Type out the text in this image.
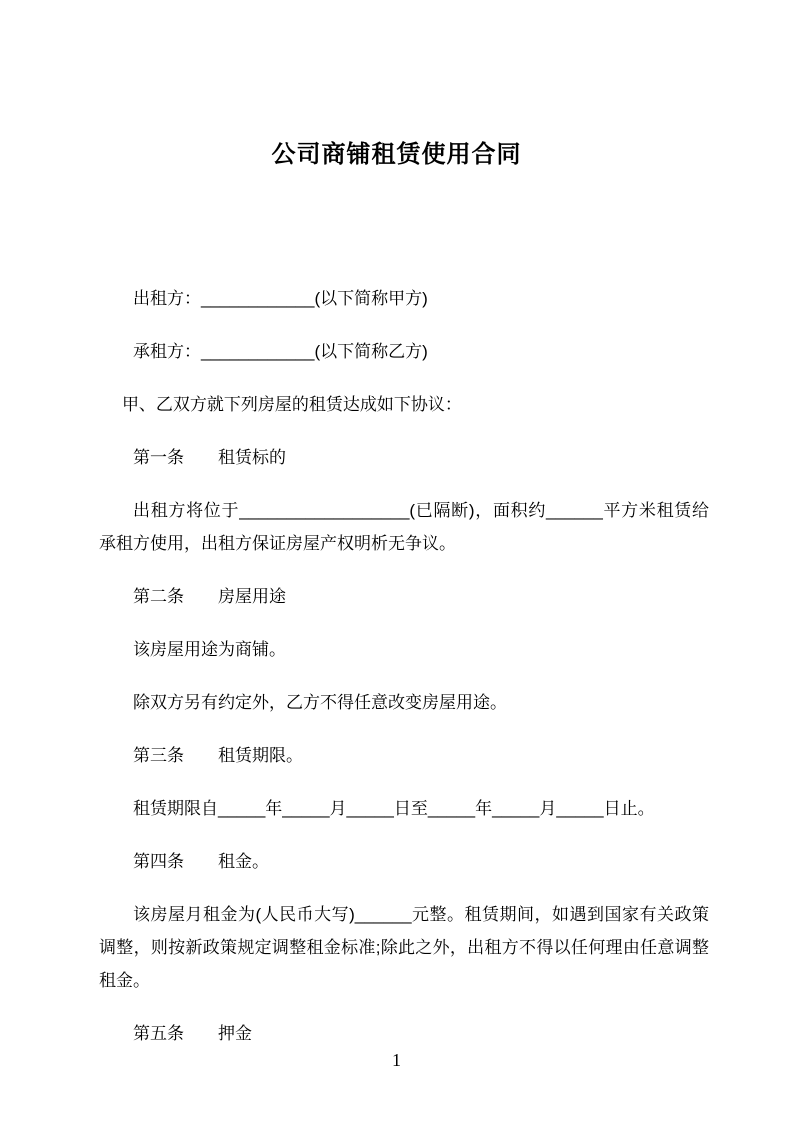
公司商铺租赁使用合同

出租方：____________(以下简称甲方)

承租方：____________(以下简称乙方)

甲、乙双方就下列房屋的租赁达成如下协议：

第一条　　租赁标的

出租方将位于__________________(已隔断)，面积约______平方米租赁给承租方使用，出租方保证房屋产权明析无争议。

第二条　　房屋用途

该房屋用途为商铺。

除双方另有约定外，乙方不得任意改变房屋用途。

第三条　　租赁期限。

租赁期限自_____年_____月_____日至_____年_____月_____日止。

第四条　　租金。

该房屋月租金为(人民币大写)______元整。租赁期间，如遇到国家有关政策调整，则按新政策规定调整租金标准;除此之外，出租方不得以任何理由任意调整租金。

第五条　　押金

1
